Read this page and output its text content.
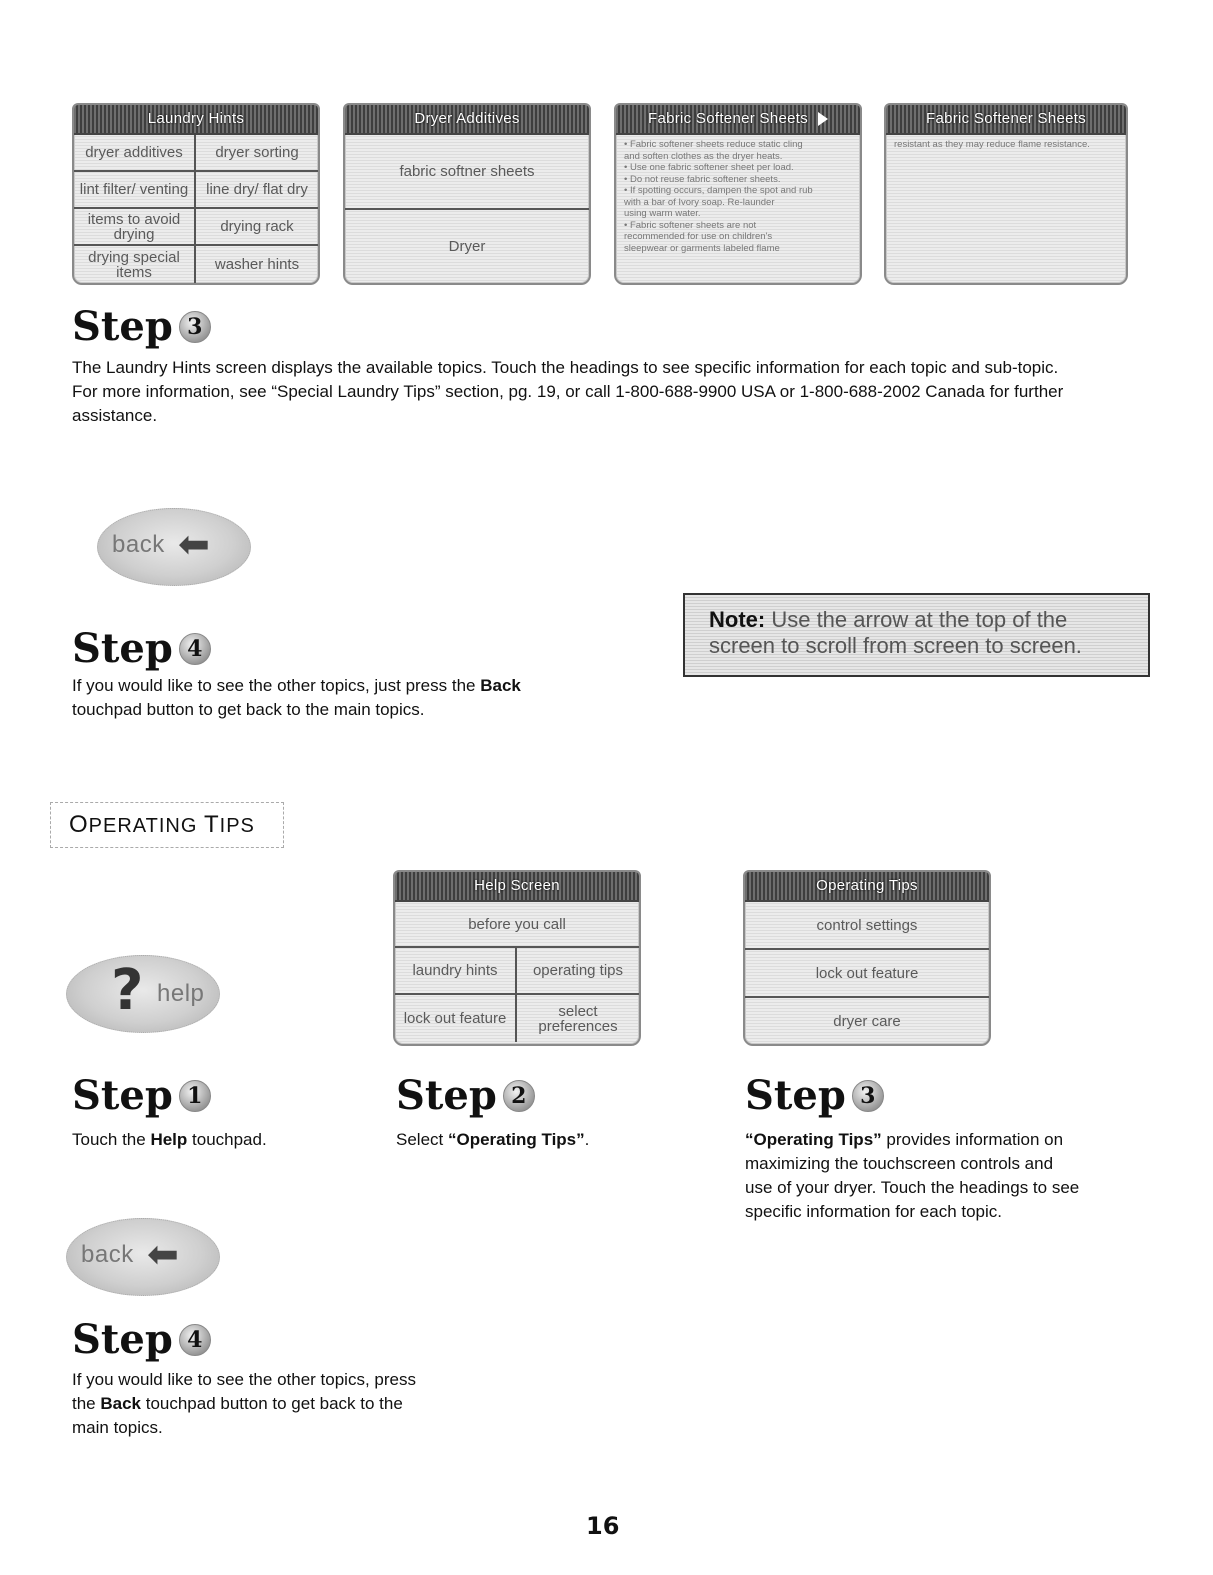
Laundry Hints
dryer additives	dryer sorting
lint filter/ venting	line dry/ flat dry
items to avoid drying	drying rack
drying special items	washer hints
Dryer Additives
fabric softner sheets
Dryer
Fabric Softener Sheets
• Fabric softener sheets reduce static cling
and soften clothes as the dryer heats.
• Use one fabric softener sheet per load.
• Do not reuse fabric softener sheets.
• If spotting occurs, dampen the spot and rub
with a bar of Ivory soap. Re-launder
using warm water.
• Fabric softener sheets are not
recommended for use on children's
sleepwear or garments labeled flame
Fabric Softener Sheets
resistant as they may reduce flame resistance.
Step 3
The Laundry Hints screen displays the available topics. Touch the headings to see specific information for each topic and sub-topic. For more information, see “Special Laundry Tips” section, pg. 19, or call 1-800-688-9900 USA or 1-800-688-2002 Canada for further assistance.
back ⬅
Step 4
If you would like to see the other topics, just press the Back touchpad button to get back to the main topics.
Note: Use the arrow at the top of the screen to scroll from screen to screen.
OPERATING TIPS
? help
Help Screen
before you call
laundry hints	operating tips
lock out feature	select preferences
Operating Tips
control settings
lock out feature
dryer care
Step 1
Touch the Help touchpad.
Step 2
Select “Operating Tips”.
Step 3
“Operating Tips” provides information on maximizing the touchscreen controls and use of your dryer. Touch the headings to see specific information for each topic.
back ⬅
Step 4
If you would like to see the other topics, press the Back touchpad button to get back to the main topics.
16
